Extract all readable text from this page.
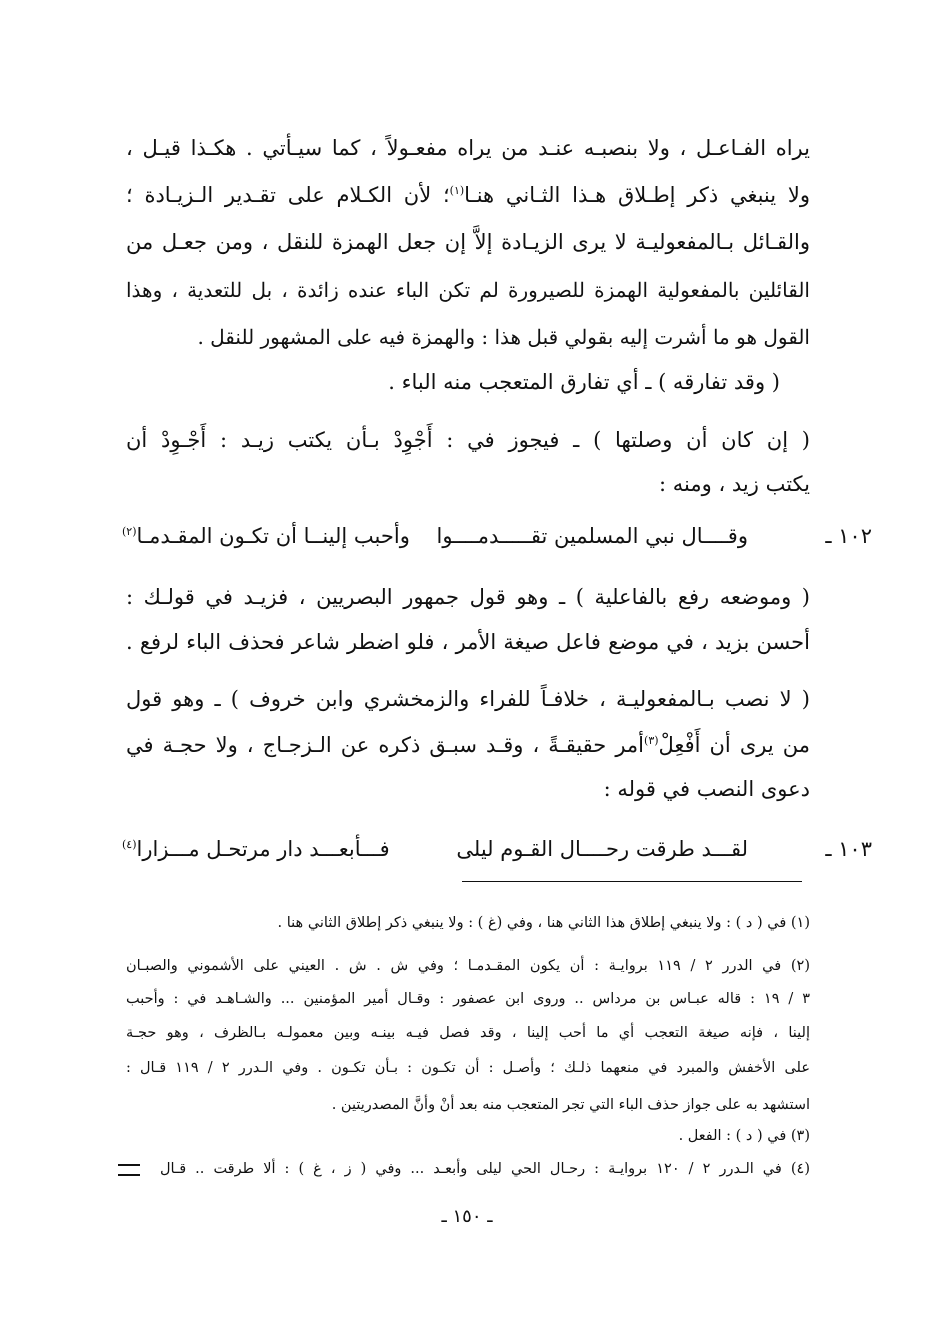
يراه الفـاعـل ، ولا بنصبـه عنـد من يراه مفعـولاً ، كما سيـأتي . هكـذا قيـل ،
ولا ينبغي ذكر إطـلاق هـذا الثـاني هنـا$^{(١)}$؛ لأن الكـلام على تقـدير الـزيـادة ؛
والقـائل بـالمفعوليـة لا يرى الزيـادة إلاَّ إن جعل الهمزة للنقل ، ومن جعـل من
القائلين بالمفعولية الهمزة للصيرورة لم تكن الباء عنده زائدة ، بل للتعدية ، وهذا
القول هو ما أشرت إليه بقولي قبل هذا : والهمزة فيه على المشهور للنقل .
( وقد تفارقه ) ـ أي تفارق المتعجب منه الباء .
( إن كان أن وصلتها ) ـ فيجوز في : أَجْوِدْ بـأن يكتب زيـد : أَجْـوِدْ أن
يكتب زيد ، ومنه :
١٠٢ ـ
وقــــال نبي المسلمين تقـــــدمــــوا
وأحبب إلينــا أن تكـون المقـدمـا$^{(٢)}$
( وموضعه رفع بالفاعلية ) ـ وهو قول جمهور البصريين ، فزيـد في قولـك :
أحسن بزيد ، في موضع فاعل صيغة الأمر ، فلو اضطر شاعر فحذف الباء لرفع .
( لا نصب بـالمفعوليـة ، خلافـاً للفراء والزمخشري وابن خروف ) ـ وهو قول
من يرى أن أَفْعِلْ$^{(٣)}$أمر حقيقـةً ، وقـد سبـق ذكره عن الـزجـاج ، ولا حجـة في
دعوى النصب في قوله :
١٠٣ ـ
لقـــد طرقت رحــــال القـوم ليلى
فـــأبعـــد دار مرتحـل مـــزارا$^{(٤)}$
(١) في ( د ) : ولا ينبغي إطلاق هذا الثاني هنا ، وفي (غ ) : ولا ينبغي ذكر إطلاق الثاني هنا .
(٢) في الدرر ٢ / ١١٩ بروايـة : أن يكون المقـدمـا ؛ وفي ش . ش . العيني على الأشموني والصبـان
٣ / ١٩ : قاله عبـاس بن مرداس .. وروى ابن عصفور : وقـال أمير المؤمنين ... والشـاهـد في : وأحبب
إلينا ، فإنه صيغة التعجب أي ما أحب إلينا ، وقد فصل فيـه بينـه وبين معمولـه بـالظرف ، وهو حجـة
على الأخفش والمبرد في منعهما ذلـك ؛ وأصـل : أن تكـون : بـأن تكـون . وفي الـدرر ٢ / ١١٩ قـال :
استشهد به على جواز حذف الباء التي تجر المتعجب منه بعد أنْ وأنَّ المصدريتين .
(٣) في ( د ) : الفعل .
(٤) في الـدرر ٢ / ١٢٠ بروايـة : رحـال الحي ليلى وأبعـد ... وفي ( ز ، غ ) : ألا طرقت .. قـال
ـ ١٥٠ ـ
